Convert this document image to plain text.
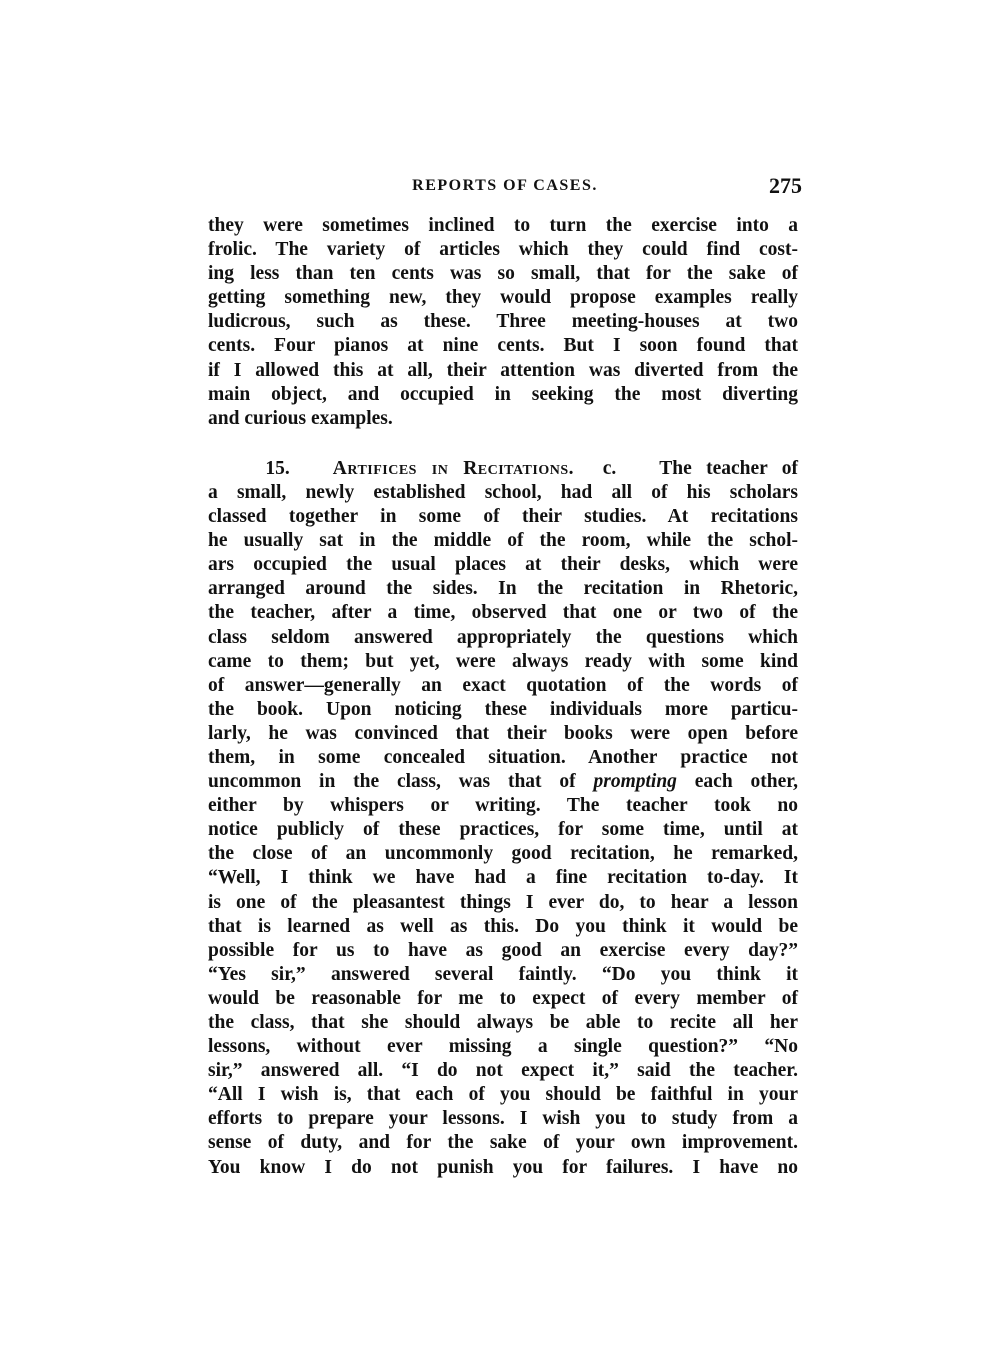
REPORTS OF CASES.	275
they were sometimes inclined to turn the exercise into a
frolic. The variety of articles which they could find cost-
ing less than ten cents was so small, that for the sake of
getting something new, they would propose examples really
ludicrous, such as these. Three meeting-houses at two
cents. Four pianos at nine cents. But I soon found that
if I allowed this at all, their attention was diverted from the
main object, and occupied in seeking the most diverting
and curious examples.
15. Artifices in Recitations. c. The teacher of
a small, newly established school, had all of his scholars
classed together in some of their studies. At recitations
he usually sat in the middle of the room, while the schol-
ars occupied the usual places at their desks, which were
arranged around the sides. In the recitation in Rhetoric,
the teacher, after a time, observed that one or two of the
class seldom answered appropriately the questions which
came to them; but yet, were always ready with some kind
of answer—generally an exact quotation of the words of
the book. Upon noticing these individuals more particu-
larly, he was convinced that their books were open before
them, in some concealed situation. Another practice not
uncommon in the class, was that of prompting each other,
either by whispers or writing. The teacher took no
notice publicly of these practices, for some time, until at
the close of an uncommonly good recitation, he remarked,
“Well, I think we have had a fine recitation to-day. It
is one of the pleasantest things I ever do, to hear a lesson
that is learned as well as this. Do you think it would be
possible for us to have as good an exercise every day?”
“Yes sir,” answered several faintly. “Do you think it
would be reasonable for me to expect of every member of
the class, that she should always be able to recite all her
lessons, without ever missing a single question?” “No
sir,” answered all. “I do not expect it,” said the teacher.
“All I wish is, that each of you should be faithful in your
efforts to prepare your lessons. I wish you to study from a
sense of duty, and for the sake of your own improvement.
You know I do not punish you for failures. I have no
